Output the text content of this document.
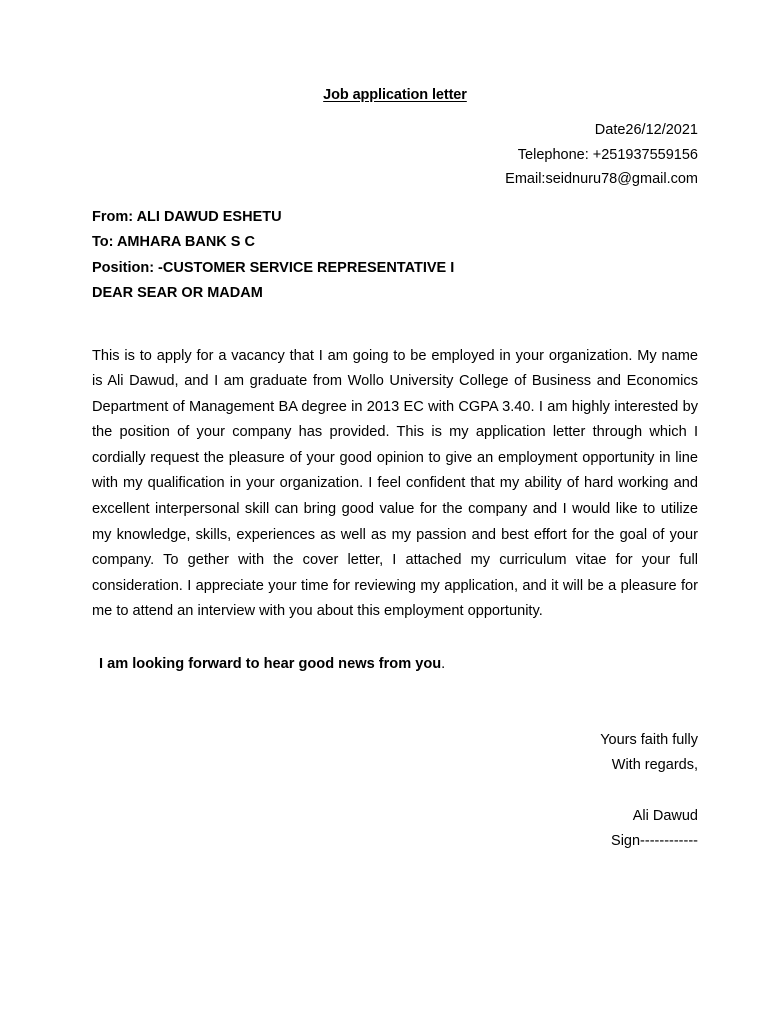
Job application letter
Date26/12/2021
Telephone: +251937559156
Email:seidnuru78@gmail.com
From: ALI DAWUD ESHETU
To: AMHARA BANK S C
Position: -CUSTOMER SERVICE REPRESENTATIVE I
DEAR SEAR OR MADAM

This is to apply for a vacancy that I am going to be employed in your organization. My name is Ali Dawud, and I am graduate from Wollo University College of Business and Economics Department of Management BA degree in 2013 EC with CGPA 3.40. I am highly interested by the position of your company has provided. This is my application letter through which I cordially request the pleasure of your good opinion to give an employment opportunity in line with my qualification in your organization. I feel confident that my ability of hard working and excellent interpersonal skill can bring good value for the company and I would like to utilize my knowledge, skills, experiences as well as my passion and best effort for the goal of your company. To gether with the cover letter, I attached my curriculum vitae for your full consideration. I appreciate your time for reviewing my application, and it will be a pleasure for me to attend an interview with you about this employment opportunity.

I am looking forward to hear good news from you.
Yours faith fully
With regards,
Ali Dawud
Sign------------
